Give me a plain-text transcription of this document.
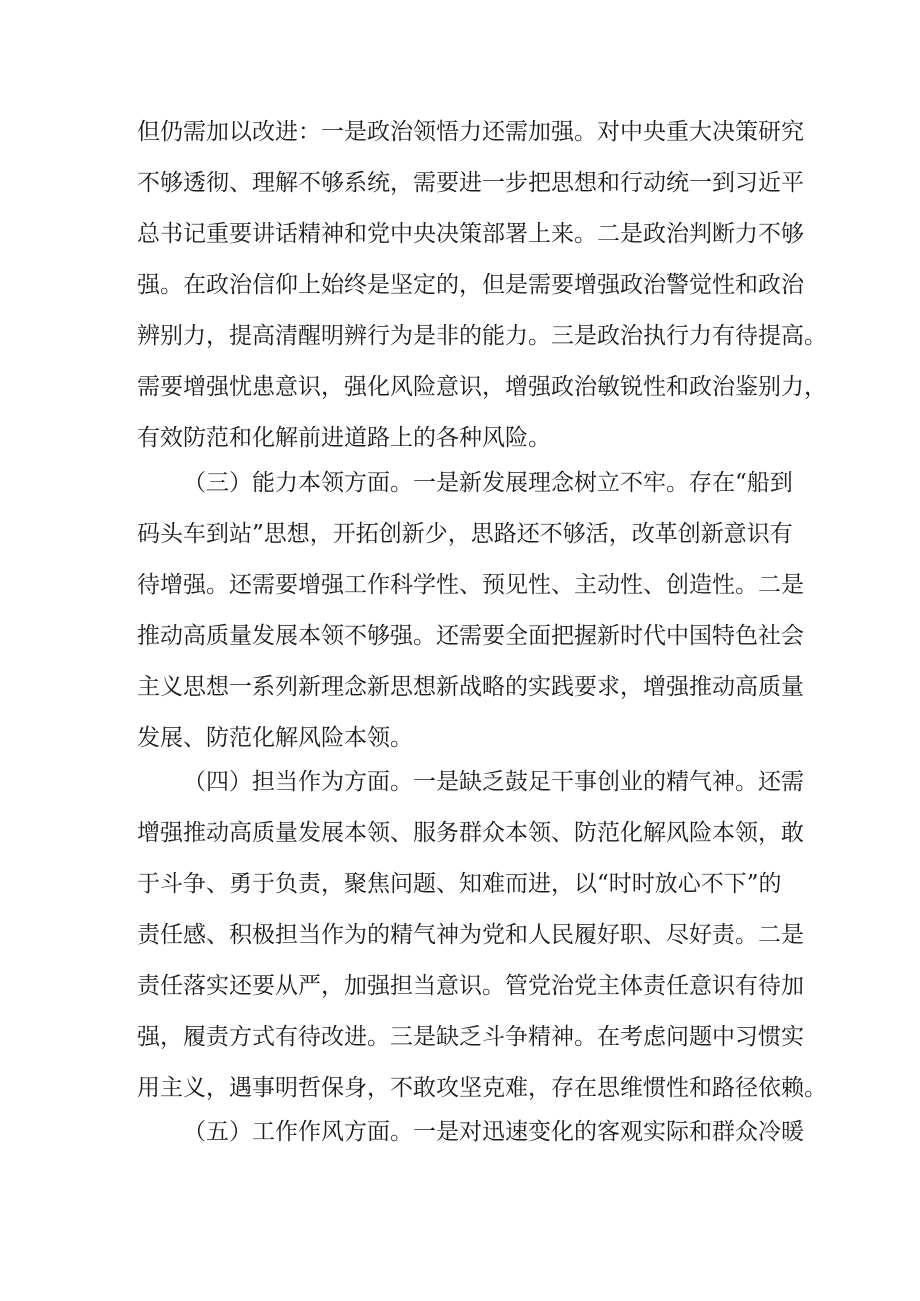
但仍需加以改进：一是政治领悟力还需加强。对中央重大决策研究
不够透彻、理解不够系统，需要进一步把思想和行动统一到习近平
总书记重要讲话精神和党中央决策部署上来。二是政治判断力不够
强。在政治信仰上始终是坚定的，但是需要增强政治警觉性和政治
辨别力，提高清醒明辨行为是非的能力。三是政治执行力有待提高。
需要增强忧患意识，强化风险意识，增强政治敏锐性和政治鉴别力，
有效防范和化解前进道路上的各种风险。
（三）能力本领方面。一是新发展理念树立不牢。存在“船到
码头车到站”思想，开拓创新少，思路还不够活，改革创新意识有
待增强。还需要增强工作科学性、预见性、主动性、创造性。二是
推动高质量发展本领不够强。还需要全面把握新时代中国特色社会
主义思想一系列新理念新思想新战略的实践要求，增强推动高质量
发展、防范化解风险本领。
（四）担当作为方面。一是缺乏鼓足干事创业的精气神。还需
增强推动高质量发展本领、服务群众本领、防范化解风险本领，敢
于斗争、勇于负责，聚焦问题、知难而进，以“时时放心不下”的
责任感、积极担当作为的精气神为党和人民履好职、尽好责。二是
责任落实还要从严，加强担当意识。管党治党主体责任意识有待加
强，履责方式有待改进。三是缺乏斗争精神。在考虑问题中习惯实
用主义，遇事明哲保身，不敢攻坚克难，存在思维惯性和路径依赖。
（五）工作作风方面。一是对迅速变化的客观实际和群众冷暖
